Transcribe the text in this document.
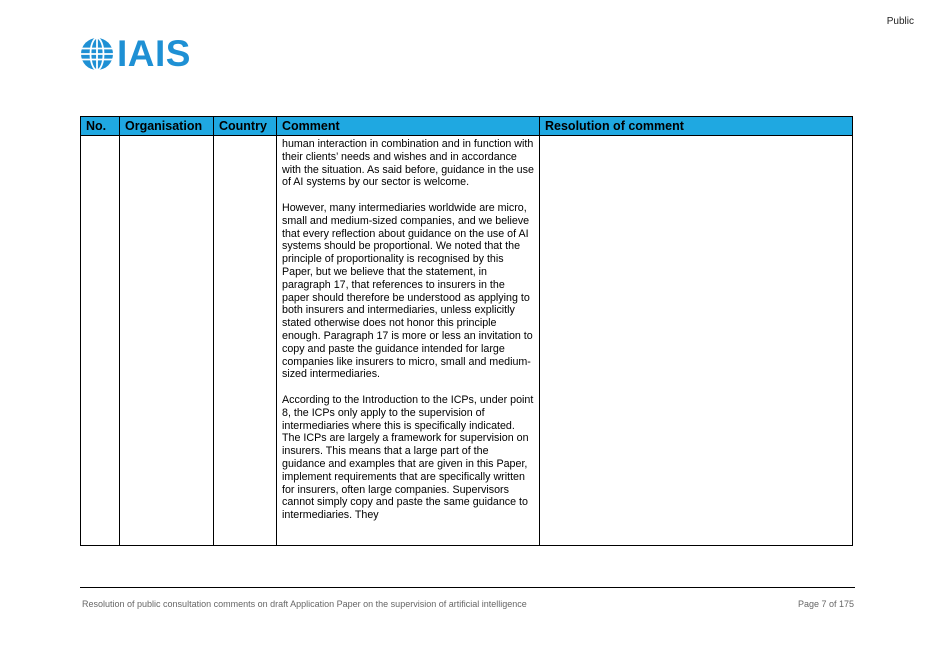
Public
IAIS
No.	Organisation	Country	Comment	Resolution of comment

			human interaction in combination and in function with their clients’ needs and wishes and in accordance with the situation. As said before, guidance in the use of AI systems by our sector is welcome.

However, many intermediaries worldwide are micro, small and medium-sized companies, and we believe that every reflection about guidance on the use of AI systems should be proportional. We noted that the principle of proportionality is recognised by this Paper, but we believe that the statement, in paragraph 17, that references to insurers in the paper should therefore be understood as applying to both insurers and intermediaries, unless explicitly stated otherwise does not honor this principle enough. Paragraph 17 is more or less an invitation to copy and paste the guidance intended for large companies like insurers to micro, small and medium-sized intermediaries.

According to the Introduction to the ICPs, under point 8, the ICPs only apply to the supervision of intermediaries where this is specifically indicated. The ICPs are largely a framework for supervision on insurers. This means that a large part of the guidance and examples that are given in this Paper, implement requirements that are specifically written for insurers, often large companies. Supervisors cannot simply copy and paste the same guidance to intermediaries. They	

Resolution of public consultation comments on draft Application Paper on the supervision of artificial intelligence	Page 7 of 175
